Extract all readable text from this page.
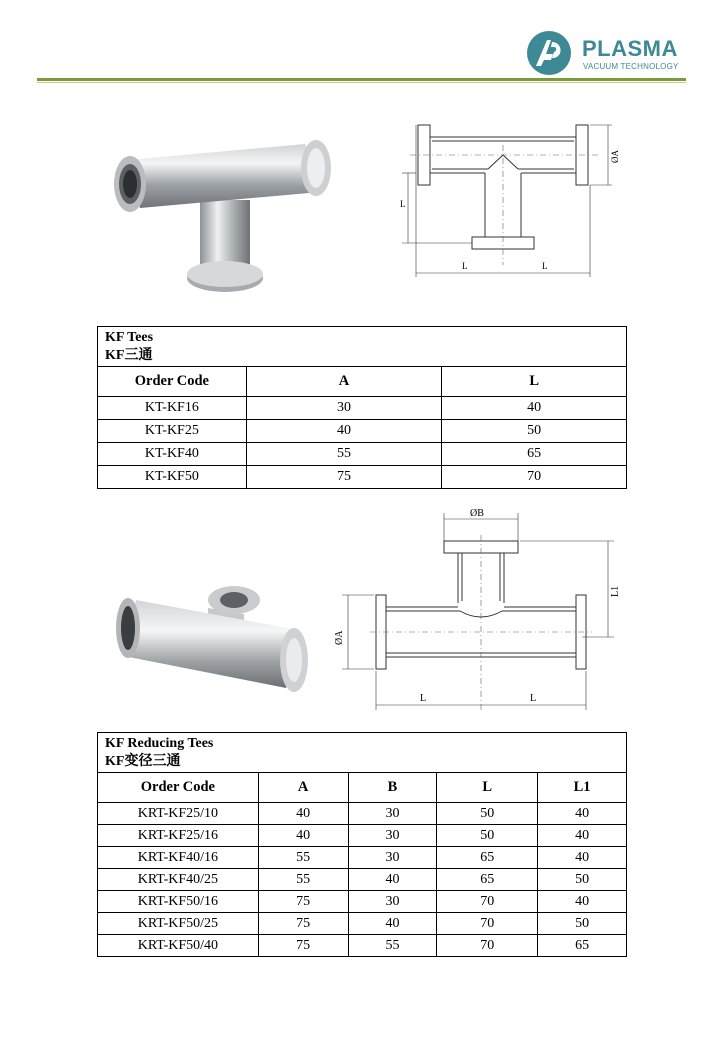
PLASMA
VACUUM TECHNOLOGY
L
L	L
ØA
KF Tees
KF三通		

Order Code	A	L
KT-KF16	30	40
KT-KF25	40	50
KT-KF40	55	65
KT-KF50	75	70
ØB
L1
ØA
L	L
KF Reducing Tees
KF变径三通				

Order Code	A	B	L	L1
KRT-KF25/10	40	30	50	40
KRT-KF25/16	40	30	50	40
KRT-KF40/16	55	30	65	40
KRT-KF40/25	55	40	65	50
KRT-KF50/16	75	30	70	40
KRT-KF50/25	75	40	70	50
KRT-KF50/40	75	55	70	65
